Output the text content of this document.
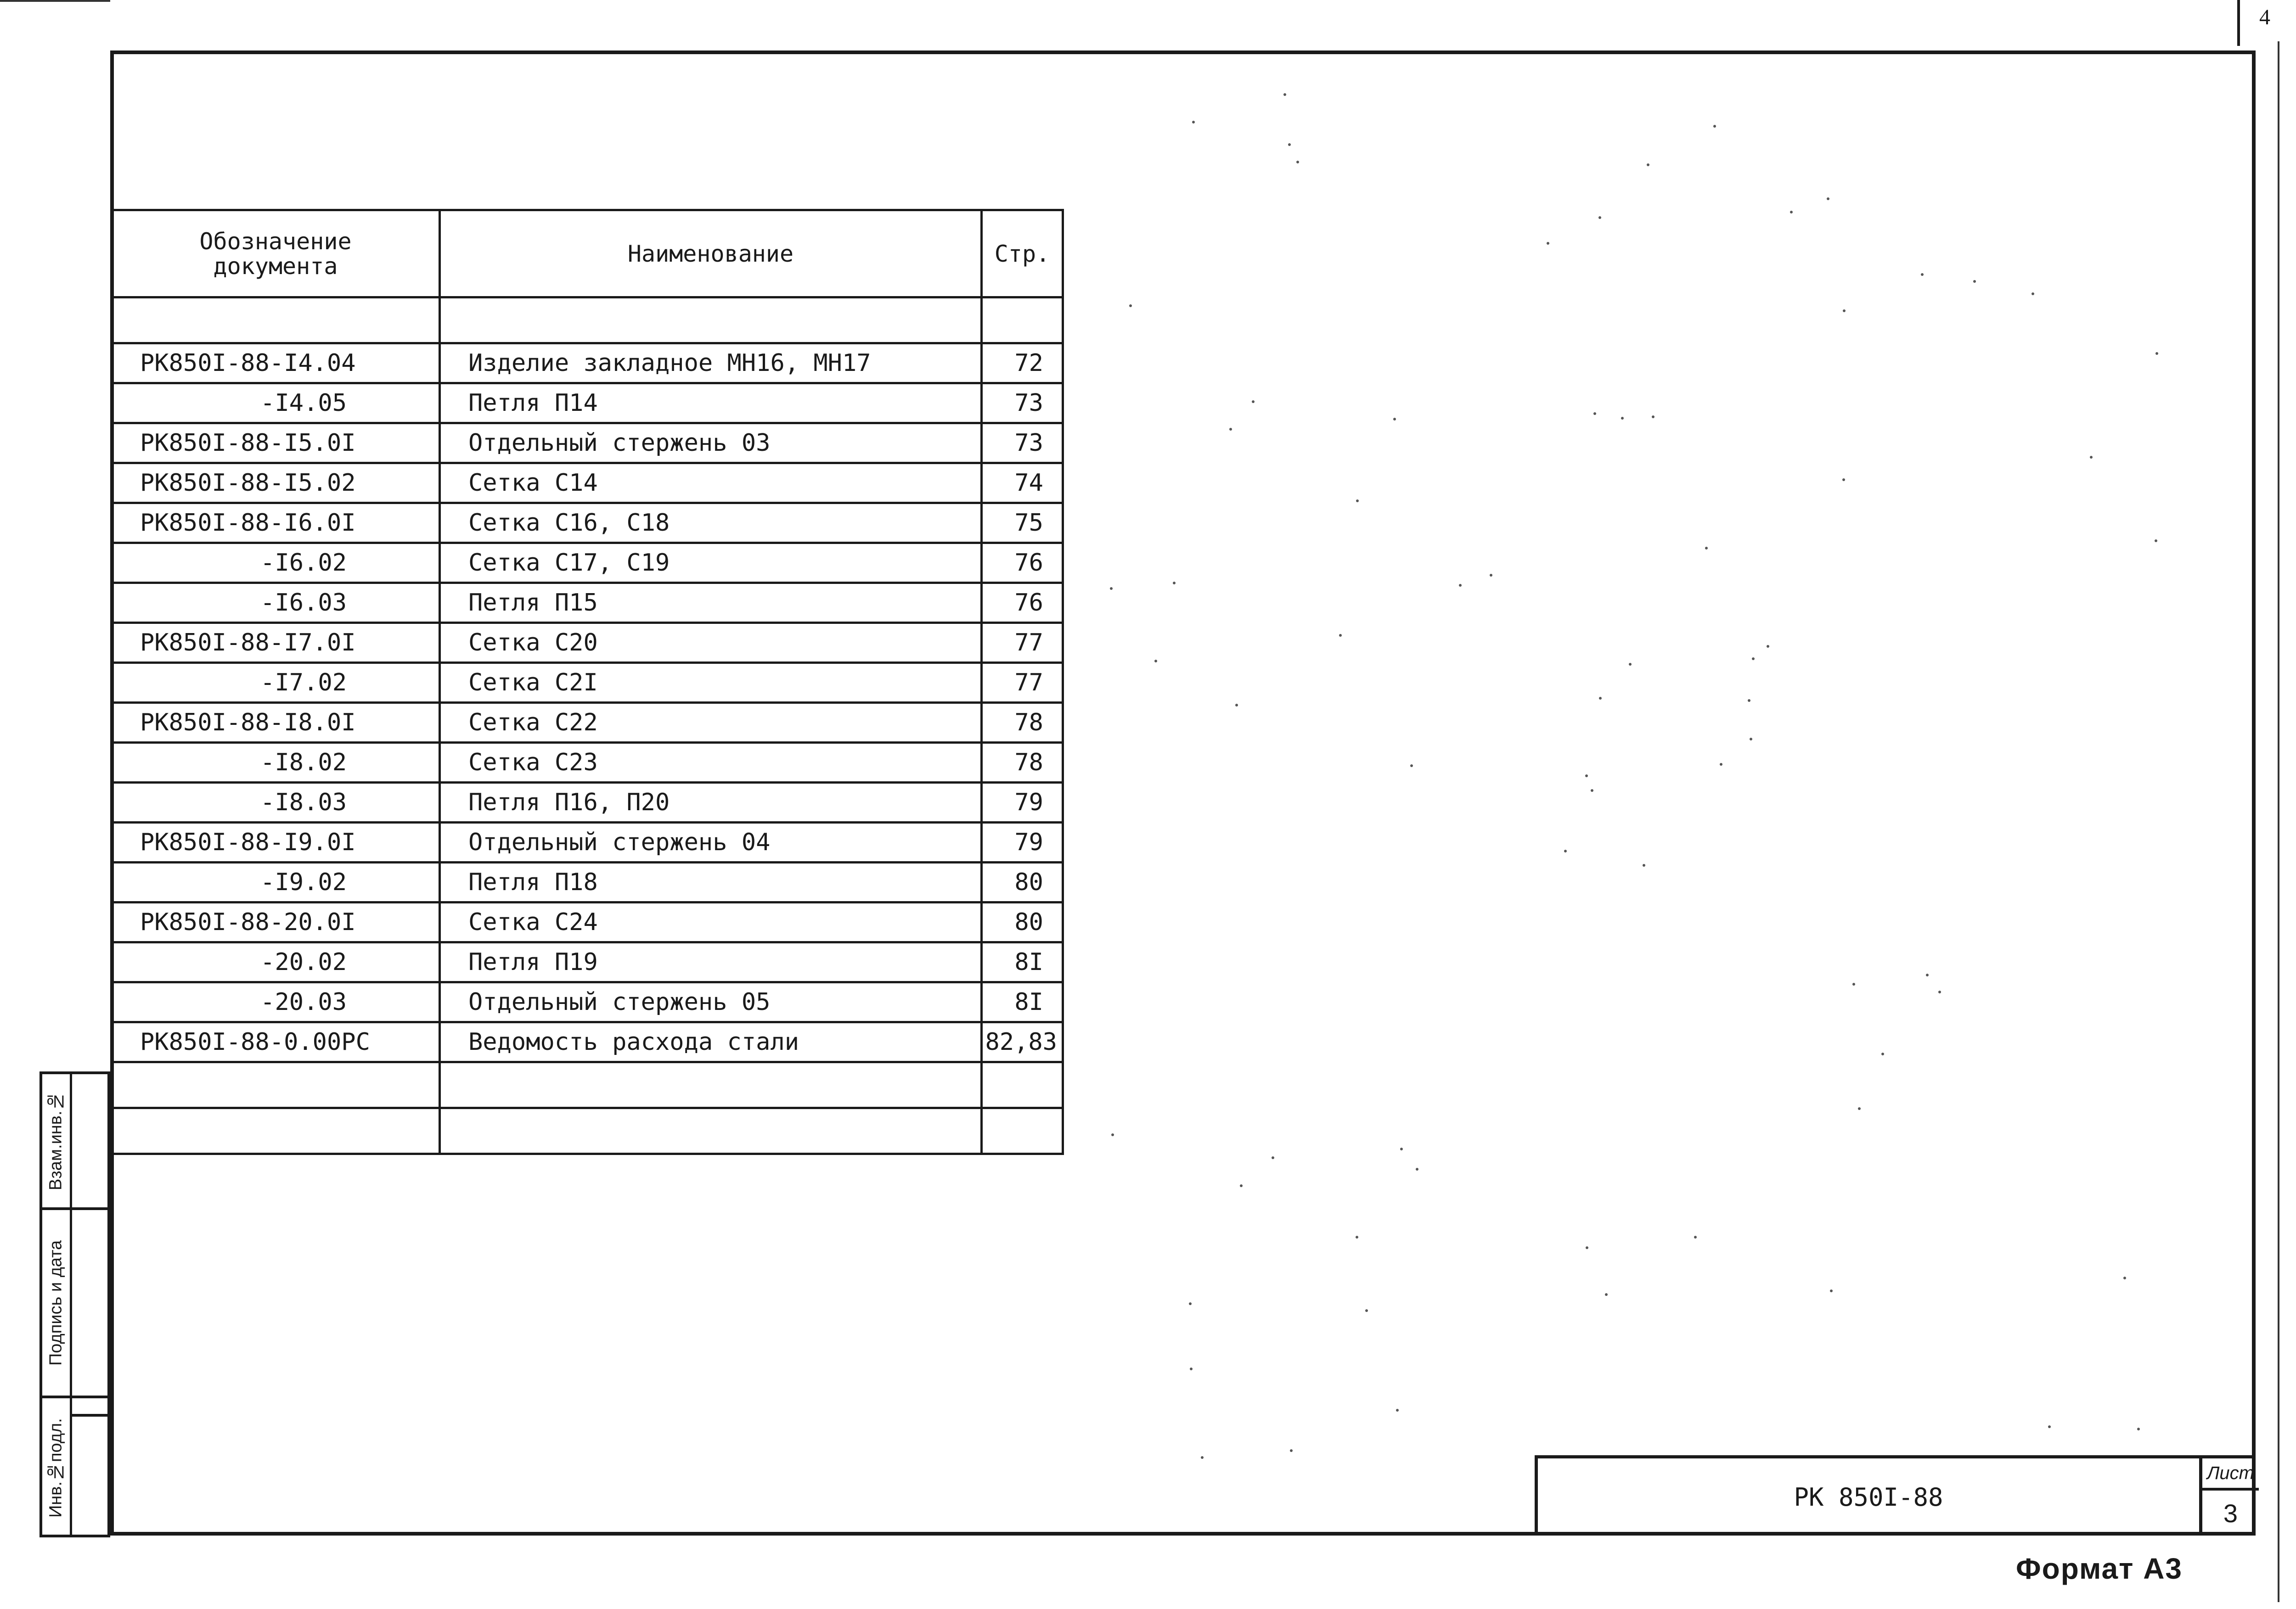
4
Взам.инв.№
Подпись и дата
Инв.№подл.
Обозначение документа	Наименование	Стр.

РК850I-88-I4.04	Изделие закладное МН16, МН17	72
-I4.05	Петля П14	73
РК850I-88-I5.0I	Отдельный стержень 03	73
РК850I-88-I5.02	Сетка С14	74
РК850I-88-I6.0I	Сетка С16, С18	75
-I6.02	Сетка С17, С19	76
-I6.03	Петля П15	76
РК850I-88-I7.0I	Сетка С20	77
-I7.02	Сетка С2I	77
РК850I-88-I8.0I	Сетка С22	78
-I8.02	Сетка С23	78
-I8.03	Петля П16, П20	79
РК850I-88-I9.0I	Отдельный стержень 04	79
-I9.02	Петля П18	80
РК850I-88-20.0I	Сетка С24	80
-20.02	Петля П19	8I
-20.03	Отдельный стержень 05	8I
РК850I-88-0.00РС	Ведомость расхода стали	82,83

РК 850I-88
Лист
3
Формат А3
